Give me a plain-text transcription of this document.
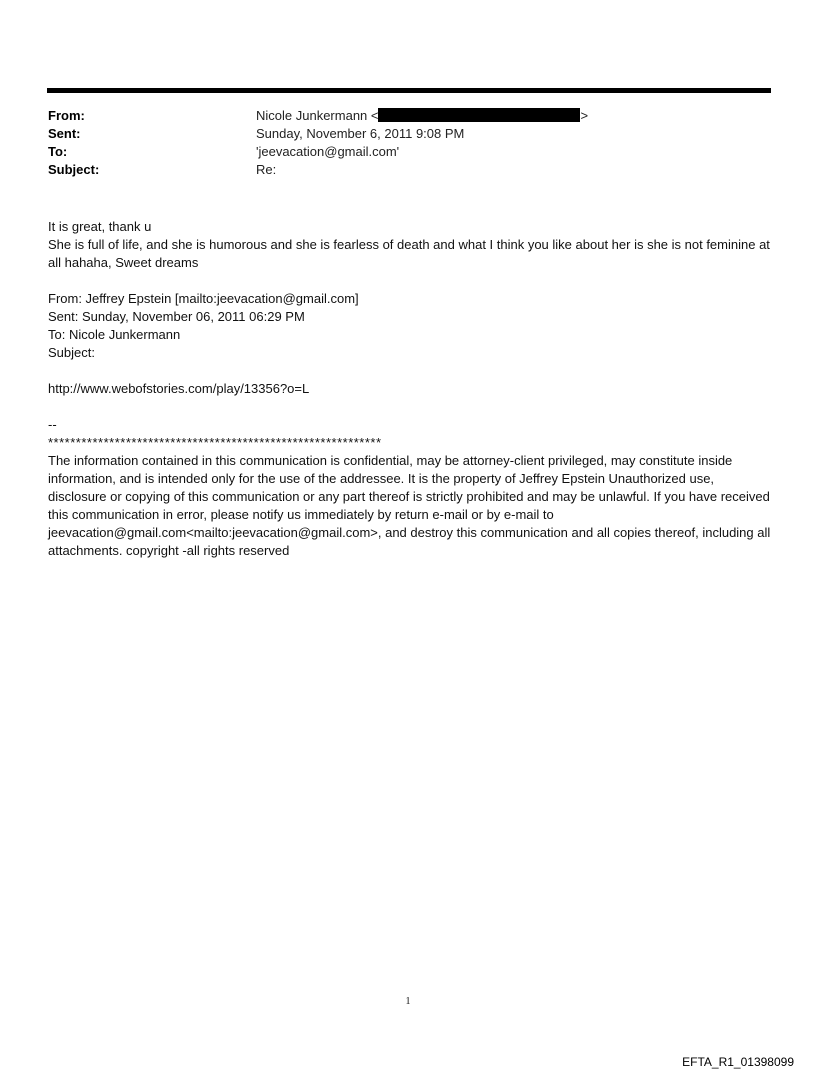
From:	Nicole Junkermann <	>
Sent:	Sunday, November 6, 2011 9:08 PM
To:	'jeevacation@gmail.com'
Subject:	Re:

It is great, thank u

She is full of life, and she is humorous and she is fearless of death and what I think you like about her is she is not feminine at all hahaha, Sweet dreams

From: Jeffrey Epstein [mailto:jeevacation@gmail.com]

Sent: Sunday, November 06, 2011 06:29 PM

To: Nicole Junkermann

Subject:

http://www.webofstories.com/play/13356?o=L

--

************************************************************

The information contained in this communication is confidential, may be attorney-client privileged, may constitute inside information, and is intended only for the use of the addressee. It is the property of Jeffrey Epstein Unauthorized use, disclosure or copying of this communication or any part thereof is strictly prohibited and may be unlawful. If you have received this communication in error, please notify us immediately by return e-mail or by e-mail to jeevacation@gmail.com<mailto:jeevacation@gmail.com>, and destroy this communication and all copies thereof, including all attachments. copyright -all rights reserved

1
EFTA_R1_01398099
